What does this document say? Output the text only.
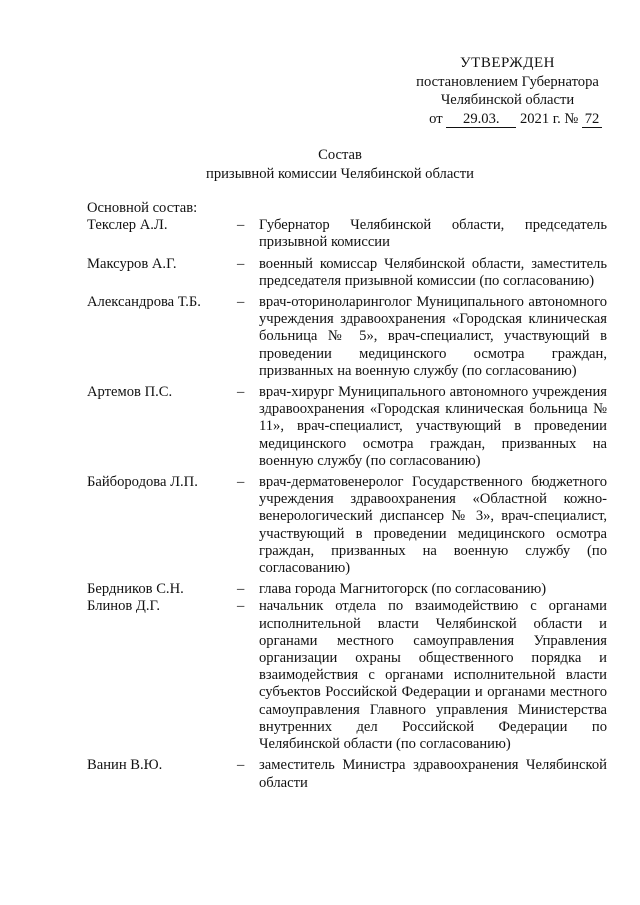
УТВЕРЖДЕН
постановлением Губернатора
Челябинской области
от 29.03. 2021 г. № 72
Состав
призывной комиссии Челябинской области
Основной состав:
Текслер А.Л.	–	Губернатор Челябинской области, председатель призывной комиссии
Максуров А.Г.	–	военный комиссар Челябинской области, заместитель председателя призывной комиссии (по согласованию)
Александрова Т.Б.	–	врач-оториноларинголог Муниципального автономного учреждения здравоохранения «Городская клиническая больница № 5», врач-специалист, участвующий в проведении медицинского осмотра граждан, призванных на военную службу (по согласованию)
Артемов П.С.	–	врач-хирург Муниципального автономного учреждения здравоохранения «Городская клиническая больница № 11», врач-специалист, участвующий в проведении медицинского осмотра граждан, призванных на военную службу (по согласованию)
Байбородова Л.П.	–	врач-дерматовенеролог Государственного бюджетного учреждения здравоохранения «Областной кожно-венерологический диспансер № 3», врач-специалист, участвующий в проведении медицинского осмотра граждан, призванных на военную службу (по согласованию)
Бердников С.Н.	–	глава города Магнитогорск (по согласованию)
Блинов Д.Г.	–	начальник отдела по взаимодействию с органами исполнительной власти Челябинской области и органами местного самоуправления Управления организации охраны общественного порядка и взаимодействия с органами исполнительной власти субъектов Российской Федерации и органами местного самоуправления Главного управления Министерства внутренних дел Российской Федерации по Челябинской области (по согласованию)
Ванин В.Ю.	–	заместитель Министра здравоохранения Челябинской области
